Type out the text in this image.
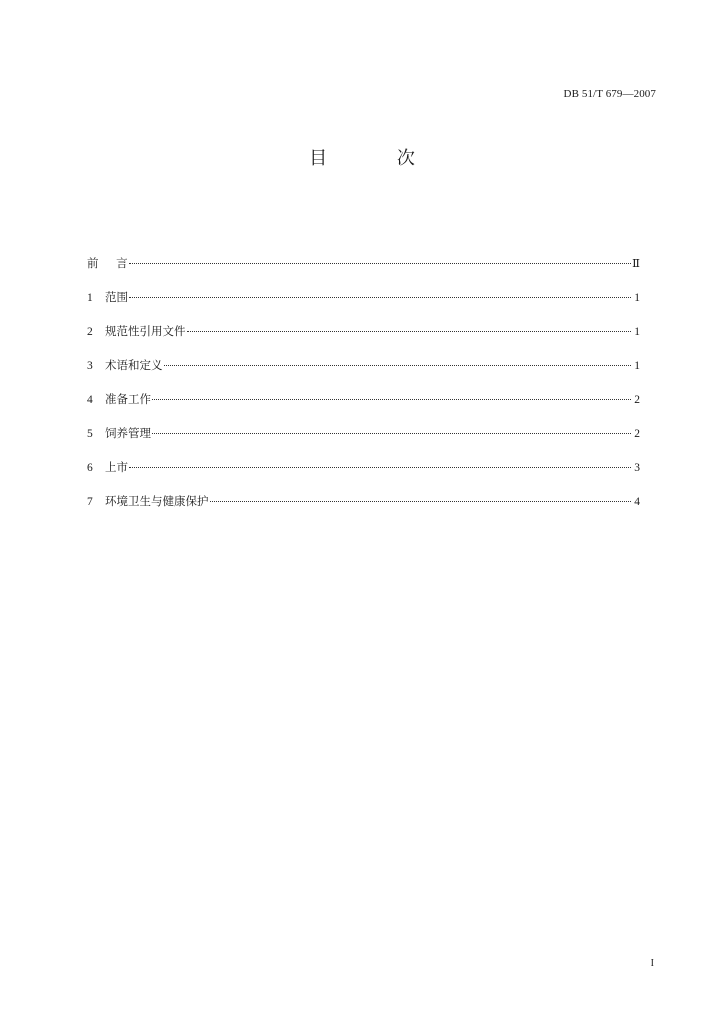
DB 51/T 679—2007
目 次
前 言	Ⅱ
1	范围	1
2	规范性引用文件	1
3	术语和定义	1
4	准备工作	2
5	饲养管理	2
6	上市	3
7	环境卫生与健康保护	4
I
